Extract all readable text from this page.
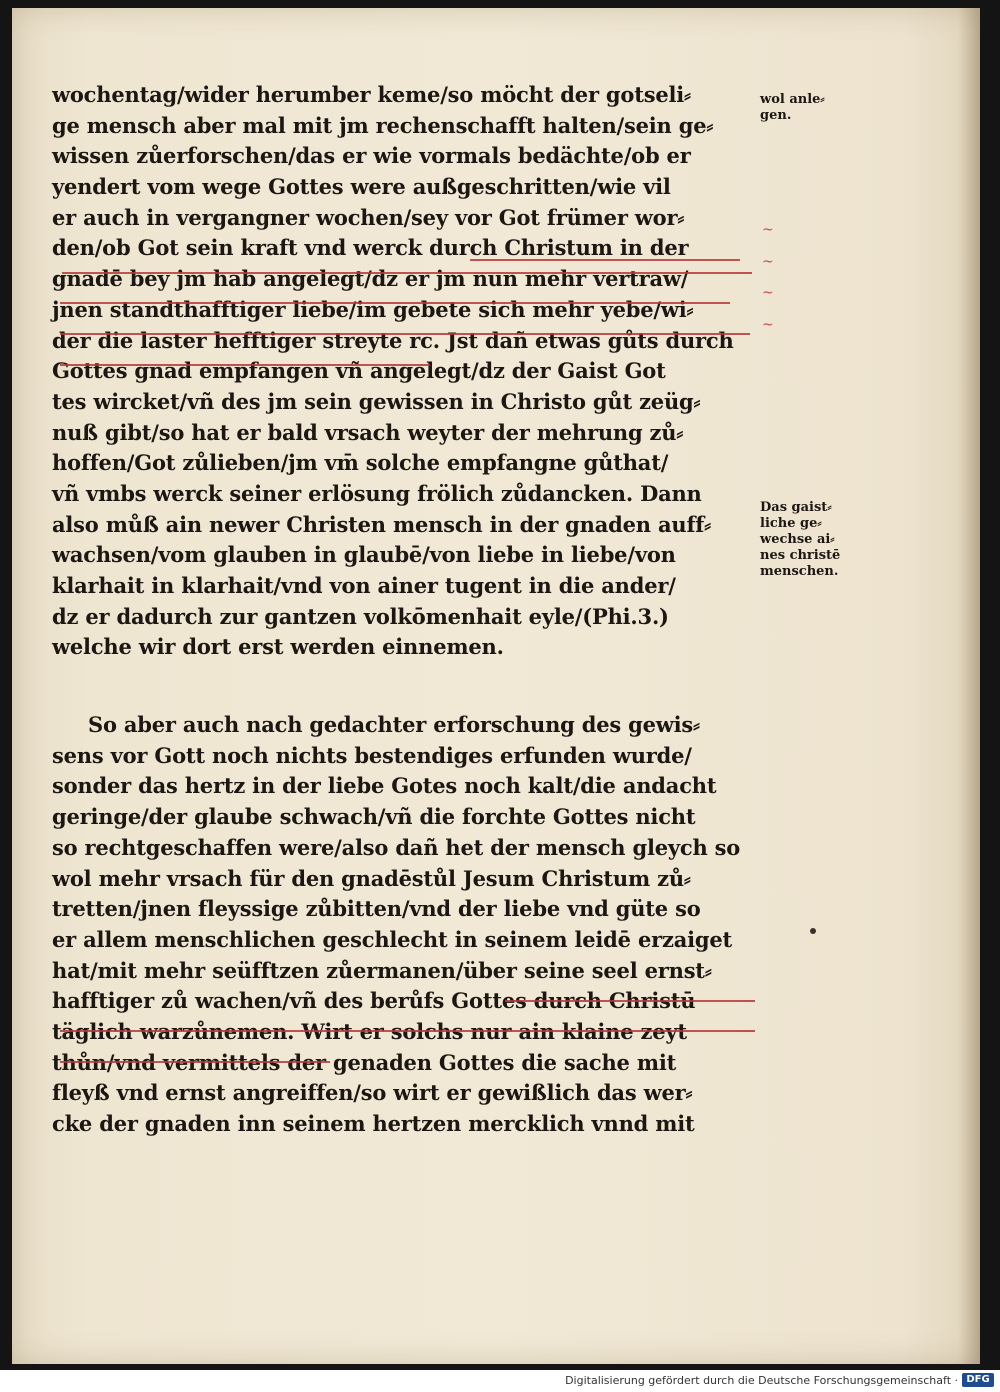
wochentag/wider herumber keme/so möcht der gotseli⸗
ge mensch aber mal mit jm rechenschafft halten/sein ge⸗
wissen zůerforschen/das er wie vormals bedächte/ob er
yendert vom wege Gottes were außgeschritten/wie vil
er auch in vergangner wochen/sey vor Got frümer wor⸗
den/ob Got sein kraft vnd werck durch Christum in der
gnadē bey jm hab angelegt/dz er jm nun mehr vertraw/
jnen standthafftiger liebe/im gebete sich mehr yebe/wi⸗
der die laster hefftiger streyte rc. Jst dañ etwas gůts durch
Gottes gnad empfangen vñ angelegt/dz der Gaist Got
tes wircket/vñ des jm sein gewissen in Christo gůt zeüg⸗
nuß gibt/so hat er bald vrsach weyter der mehrung zů⸗
hoffen/Got zůlieben/jm vm̄ solche empfangne gůthat/
vñ vmbs werck seiner erlösung frölich zůdancken. Dann
also můß ain newer Christen mensch in der gnaden auff⸗
wachsen/vom glauben in glaubē/von liebe in liebe/von
klarhait in klarhait/vnd von ainer tugent in die ander/
dz er dadurch zur gantzen volkōmenhait eyle/(Phi.3.)
welche wir dort erst werden einnemen.
So aber auch nach gedachter erforschung des gewis⸗
sens vor Gott noch nichts bestendiges erfunden wurde/
sonder das hertz in der liebe Gotes noch kalt/die andacht
geringe/der glaube schwach/vñ die forchte Gottes nicht
so rechtgeschaffen were/also dañ het der mensch gleych so
wol mehr vrsach für den gnadēstůl Jesum Christum zů⸗
tretten/jnen fleyssige zůbitten/vnd der liebe vnd güte so
er allem menschlichen geschlecht in seinem leidē erzaiget
hat/mit mehr seüfftzen zůermanen/über seine seel ernst⸗
hafftiger zů wachen/vñ des berůfs Gottes durch Christū
täglich warzůnemen. Wirt er solchs nur ain klaine zeyt
thůn/vnd vermittels der genaden Gottes die sache mit
fleyß vnd ernst angreiffen/so wirt er gewißlich das wer⸗
cke der gnaden inn seinem hertzen mercklich vnnd mit
wol anle⸗
gen.
Das gaist⸗
liche ge⸗
wechse ai⸗
nes christē
menschen.
~
~
~
~
Digitalisierung gefördert durch die Deutsche Forschungsgemeinschaft · DFG
